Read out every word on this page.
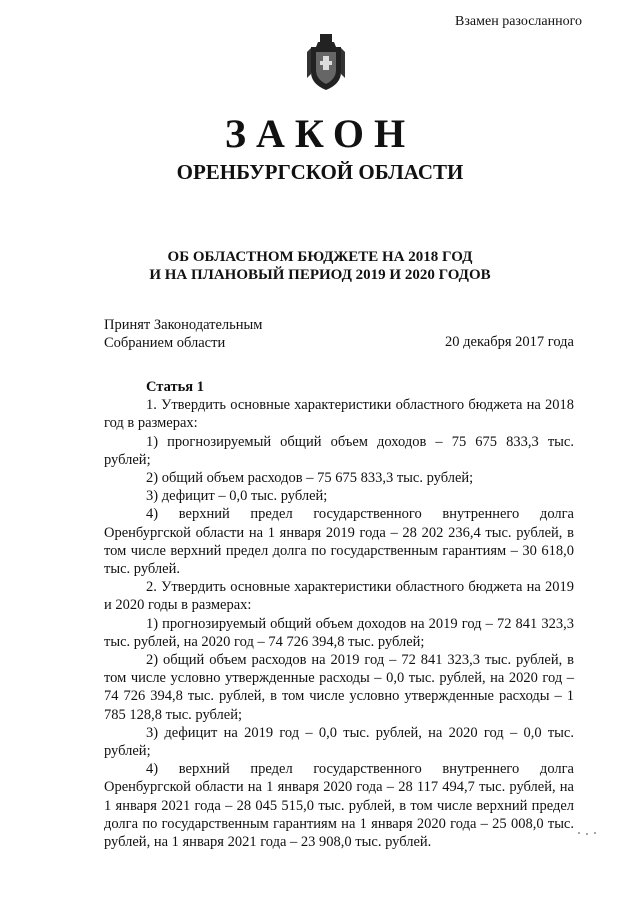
Взамен разосланного
ЗАКОН
ОРЕНБУРГСКОЙ ОБЛАСТИ
ОБ ОБЛАСТНОМ БЮДЖЕТЕ НА 2018 ГОД
И НА ПЛАНОВЫЙ ПЕРИОД 2019 И 2020 ГОДОВ
Принят Законодательным
Собранием области	20 декабря 2017 года
Статья 1

1. Утвердить основные характеристики областного бюджета на 2018 год в размерах:

1) прогнозируемый общий объем доходов – 75 675 833,3 тыс. рублей;

2) общий объем расходов – 75 675 833,3 тыс. рублей;

3) дефицит – 0,0 тыс. рублей;

4) верхний предел государственного внутреннего долга Оренбургской области на 1 января 2019 года – 28 202 236,4 тыс. рублей, в том числе верхний предел долга по государственным гарантиям – 30 618,0 тыс. рублей.

2. Утвердить основные характеристики областного бюджета на 2019 и 2020 годы в размерах:

1) прогнозируемый общий объем доходов на 2019 год – 72 841 323,3 тыс. рублей, на 2020 год – 74 726 394,8 тыс. рублей;

2) общий объем расходов на 2019 год – 72 841 323,3 тыс. рублей, в том числе условно утвержденные расходы – 0,0 тыс. рублей, на 2020 год – 74 726 394,8 тыс. рублей, в том числе условно утвержденные расходы – 1 785 128,8 тыс. рублей;

3) дефицит на 2019 год – 0,0 тыс. рублей, на 2020 год – 0,0 тыс. рублей;

4) верхний предел государственного внутреннего долга Оренбургской области на 1 января 2020 года – 28 117 494,7 тыс. рублей, на 1 января 2021 года – 28 045 515,0 тыс. рублей, в том числе верхний предел долга по государственным гарантиям на 1 января 2020 года – 25 008,0 тыс. рублей, на 1 января 2021 года – 23 908,0 тыс. рублей.
